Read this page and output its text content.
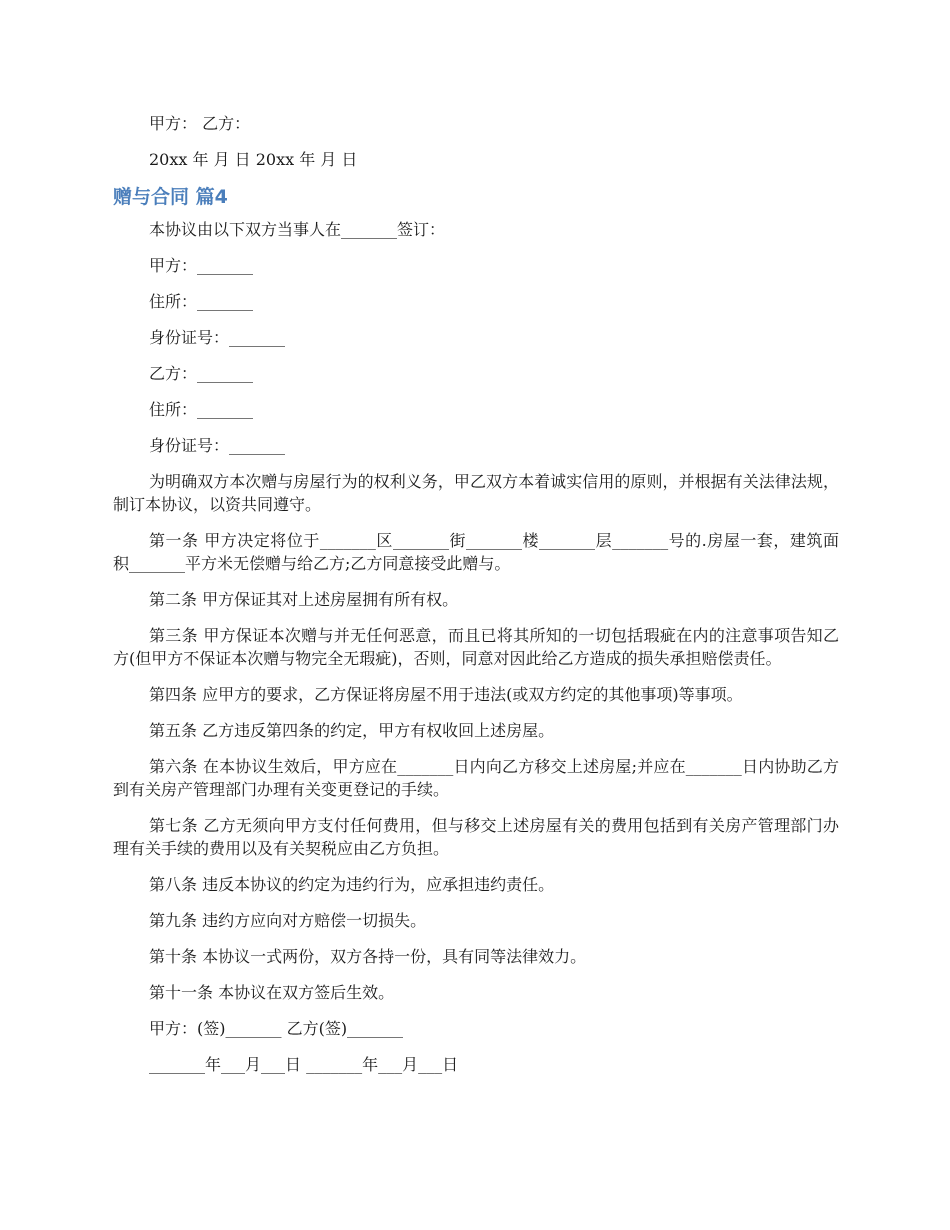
甲方： 乙方：

20xx 年 月 日 20xx 年 月 日

赠与合同 篇4

本协议由以下双方当事人在_______签订：

甲方：_______

住所：_______

身份证号：_______

乙方：_______

住所：_______

身份证号：_______

为明确双方本次赠与房屋行为的权利义务，甲乙双方本着诚实信用的原则，并根据有关法律法规，制订本协议，以资共同遵守。

第一条 甲方决定将位于_______区_______街_______楼_______层_______号的.房屋一套，建筑面积_______平方米无偿赠与给乙方;乙方同意接受此赠与。

第二条 甲方保证其对上述房屋拥有所有权。

第三条 甲方保证本次赠与并无任何恶意，而且已将其所知的一切包括瑕疵在内的注意事项告知乙方(但甲方不保证本次赠与物完全无瑕疵)，否则，同意对因此给乙方造成的损失承担赔偿责任。

第四条 应甲方的要求，乙方保证将房屋不用于违法(或双方约定的其他事项)等事项。

第五条 乙方违反第四条的约定，甲方有权收回上述房屋。

第六条 在本协议生效后，甲方应在_______日内向乙方移交上述房屋;并应在_______日内协助乙方到有关房产管理部门办理有关变更登记的手续。

第七条 乙方无须向甲方支付任何费用，但与移交上述房屋有关的费用包括到有关房产管理部门办理有关手续的费用以及有关契税应由乙方负担。

第八条 违反本协议的约定为违约行为，应承担违约责任。

第九条 违约方应向对方赔偿一切损失。

第十条 本协议一式两份，双方各持一份，具有同等法律效力。

第十一条 本协议在双方签后生效。

甲方：(签)_______ 乙方(签)_______

_______年___月___日 _______年___月___日
